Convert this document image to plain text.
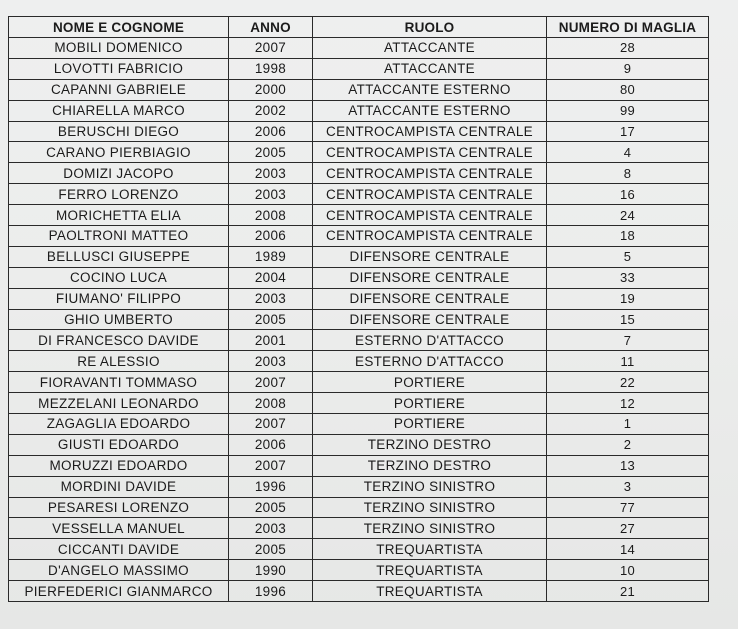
NOME E COGNOME	ANNO	RUOLO	NUMERO DI MAGLIA
MOBILI DOMENICO	2007	ATTACCANTE	28
LOVOTTI FABRICIO	1998	ATTACCANTE	9
CAPANNI GABRIELE	2000	ATTACCANTE ESTERNO	80
CHIARELLA MARCO	2002	ATTACCANTE ESTERNO	99
BERUSCHI DIEGO	2006	CENTROCAMPISTA CENTRALE	17
CARANO PIERBIAGIO	2005	CENTROCAMPISTA CENTRALE	4
DOMIZI JACOPO	2003	CENTROCAMPISTA CENTRALE	8
FERRO LORENZO	2003	CENTROCAMPISTA CENTRALE	16
MORICHETTA ELIA	2008	CENTROCAMPISTA CENTRALE	24
PAOLTRONI MATTEO	2006	CENTROCAMPISTA CENTRALE	18
BELLUSCI GIUSEPPE	1989	DIFENSORE CENTRALE	5
COCINO LUCA	2004	DIFENSORE CENTRALE	33
FIUMANO' FILIPPO	2003	DIFENSORE CENTRALE	19
GHIO UMBERTO	2005	DIFENSORE CENTRALE	15
DI FRANCESCO DAVIDE	2001	ESTERNO D'ATTACCO	7
RE ALESSIO	2003	ESTERNO D'ATTACCO	11
FIORAVANTI TOMMASO	2007	PORTIERE	22
MEZZELANI LEONARDO	2008	PORTIERE	12
ZAGAGLIA EDOARDO	2007	PORTIERE	1
GIUSTI EDOARDO	2006	TERZINO DESTRO	2
MORUZZI EDOARDO	2007	TERZINO DESTRO	13
MORDINI DAVIDE	1996	TERZINO SINISTRO	3
PESARESI LORENZO	2005	TERZINO SINISTRO	77
VESSELLA MANUEL	2003	TERZINO SINISTRO	27
CICCANTI DAVIDE	2005	TREQUARTISTA	14
D'ANGELO MASSIMO	1990	TREQUARTISTA	10
PIERFEDERICI GIANMARCO	1996	TREQUARTISTA	21
